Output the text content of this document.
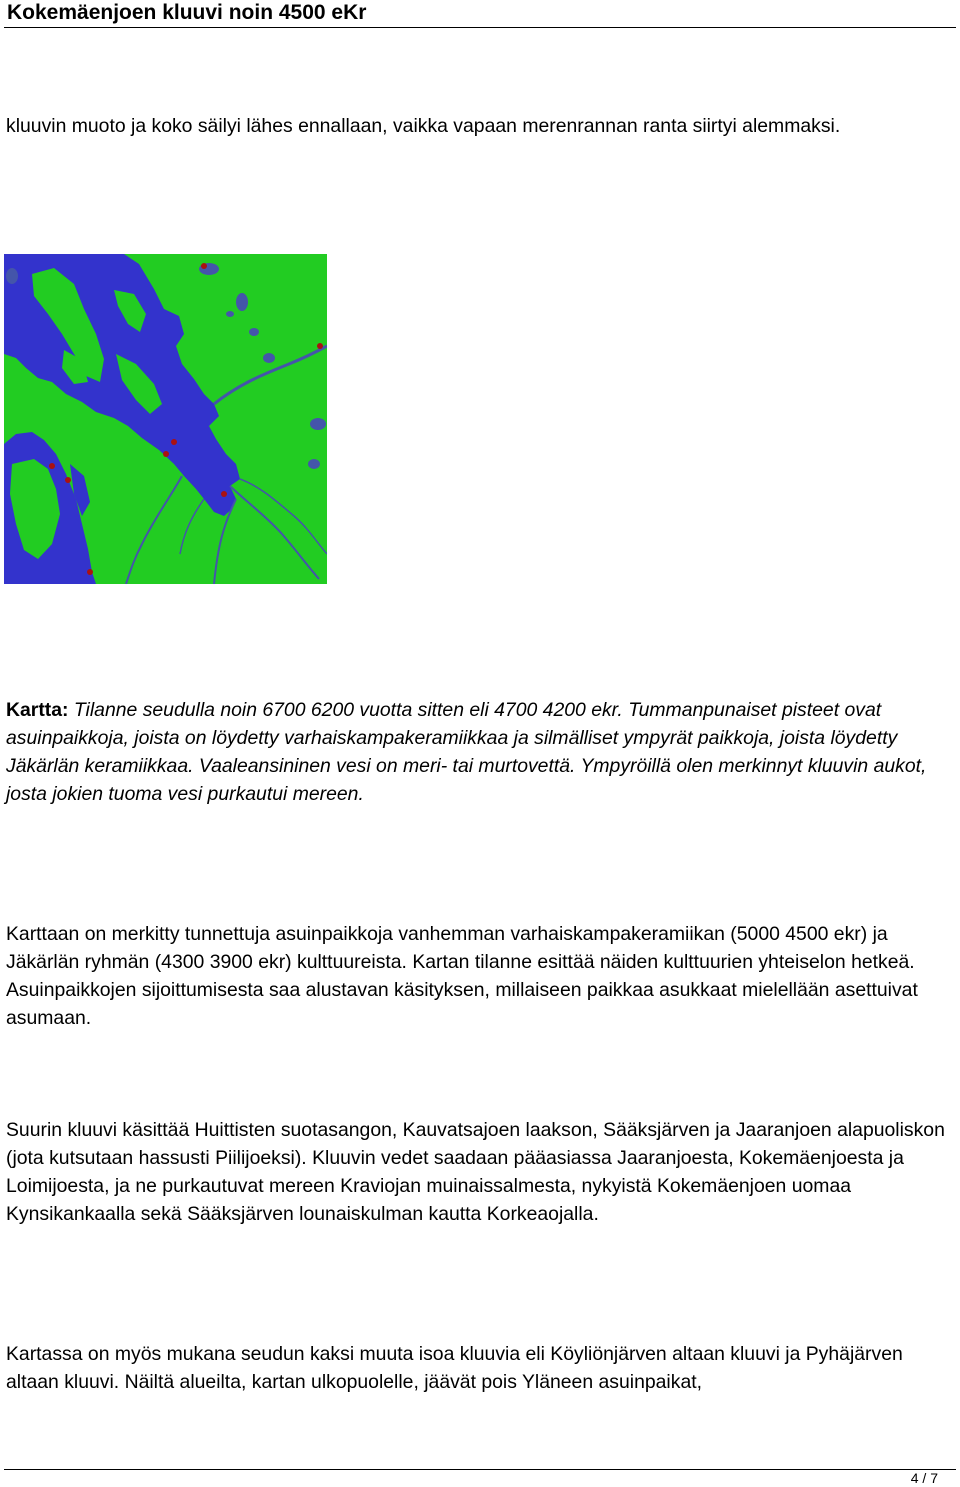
Kokemäenjoen kluuvi noin 4500 eKr
kluuvin muoto ja koko säilyi lähes ennallaan, vaikka vapaan merenrannan ranta siirtyi alemmaksi.
Kartta: Tilanne seudulla noin 6700 6200 vuotta sitten eli 4700 4200 ekr. Tummanpunaiset pisteet ovat asuinpaikkoja, joista on löydetty varhaiskampakeramiikkaa ja silmälliset ympyrät paikkoja, joista löydetty Jäkärlän keramiikkaa. Vaaleansininen vesi on meri- tai murtovettä. Ympyröillä olen merkinnyt kluuvin aukot, josta jokien tuoma vesi purkautui mereen.
Karttaan on merkitty tunnettuja asuinpaikkoja vanhemman varhaiskampakeramiikan (5000 4500 ekr) ja Jäkärlän ryhmän (4300 3900 ekr) kulttuureista. Kartan tilanne esittää näiden kulttuurien yhteiselon hetkeä. Asuinpaikkojen sijoittumisesta saa alustavan käsityksen, millaiseen paikkaa asukkaat mielellään asettuivat asumaan.
Suurin kluuvi käsittää Huittisten suotasangon, Kauvatsajoen laakson, Sääksjärven ja Jaaranjoen alapuoliskon (jota kutsutaan hassusti Piilijoeksi). Kluuvin vedet saadaan pääasiassa Jaaranjoesta, Kokemäenjoesta ja Loimijoesta, ja ne purkautuvat mereen Kraviojan muinaissalmesta, nykyistä Kokemäenjoen uomaa Kynsikankaalla sekä Sääksjärven lounaiskulman kautta Korkeaojalla.
Kartassa on myös mukana seudun kaksi muuta isoa kluuvia eli Köyliönjärven altaan kluuvi ja Pyhäjärven altaan kluuvi. Näiltä alueilta, kartan ulkopuolelle, jäävät pois Yläneen asuinpaikat,
4 / 7
